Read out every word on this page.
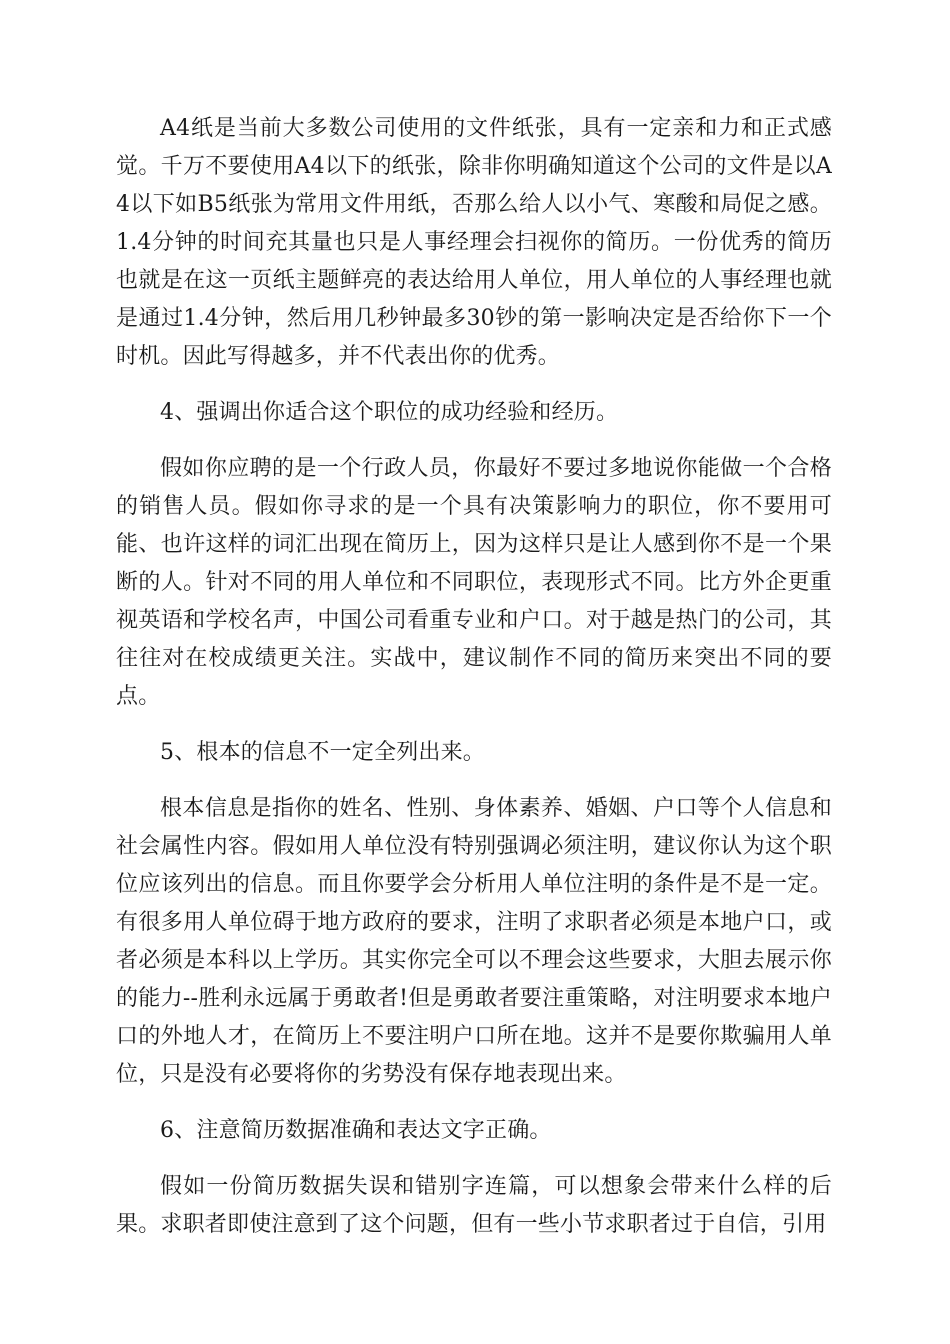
A4纸是当前大多数公司使用的文件纸张，具有一定亲和力和正式感觉。千万不要使用A4以下的纸张，除非你明确知道这个公司的文件是以A4以下如B5纸张为常用文件用纸，否那么给人以小气、寒酸和局促之感。1.4分钟的时间充其量也只是人事经理会扫视你的简历。一份优秀的简历也就是在这一页纸主题鲜亮的表达给用人单位，用人单位的人事经理也就是通过1.4分钟，然后用几秒钟最多30钞的第一影响决定是否给你下一个时机。因此写得越多，并不代表出你的优秀。

4、强调出你适合这个职位的成功经验和经历。

假如你应聘的是一个行政人员，你最好不要过多地说你能做一个合格的销售人员。假如你寻求的是一个具有决策影响力的职位，你不要用可能、也许这样的词汇出现在简历上，因为这样只是让人感到你不是一个果断的人。针对不同的用人单位和不同职位，表现形式不同。比方外企更重视英语和学校名声，中国公司看重专业和户口。对于越是热门的公司，其往往对在校成绩更关注。实战中，建议制作不同的简历来突出不同的要点。

5、根本的信息不一定全列出来。

根本信息是指你的姓名、性别、身体素养、婚姻、户口等个人信息和社会属性内容。假如用人单位没有特别强调必须注明，建议你认为这个职位应该列出的信息。而且你要学会分析用人单位注明的条件是不是一定。有很多用人单位碍于地方政府的要求，注明了求职者必须是本地户口，或者必须是本科以上学历。其实你完全可以不理会这些要求，大胆去展示你的能力--胜利永远属于勇敢者!但是勇敢者要注重策略，对注明要求本地户口的外地人才，在简历上不要注明户口所在地。这并不是要你欺骗用人单位，只是没有必要将你的劣势没有保存地表现出来。

6、注意简历数据准确和表达文字正确。

假如一份简历数据失误和错别字连篇，可以想象会带来什么样的后果。求职者即使注意到了这个问题，但有一些小节求职者过于自信，引用
